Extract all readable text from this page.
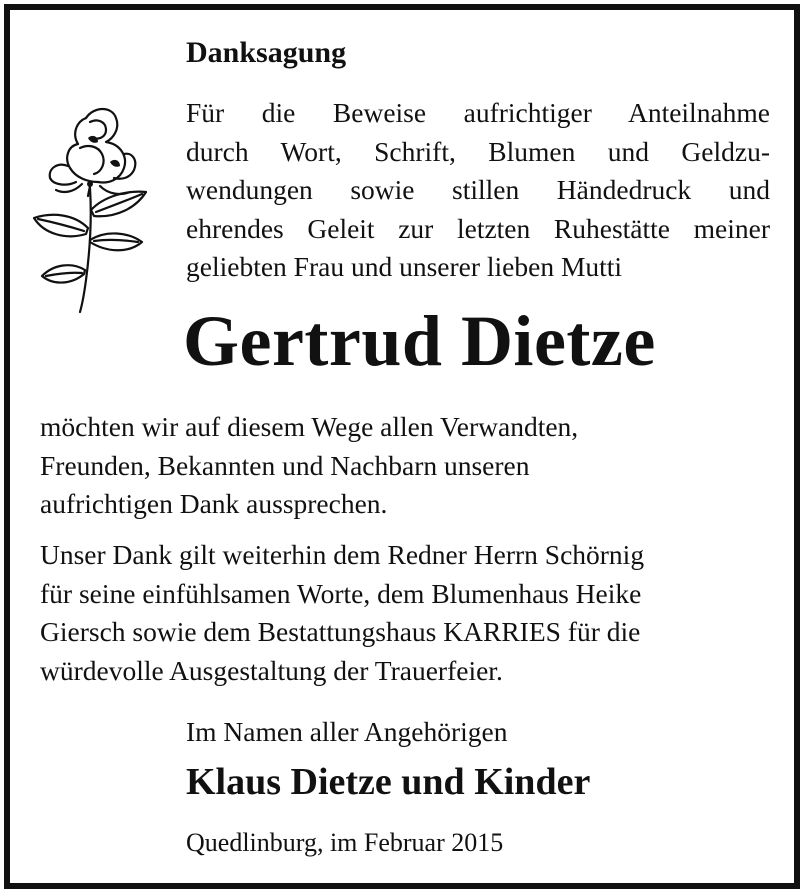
Danksagung
Für die Beweise aufrichtiger Anteilnahme
durch Wort, Schrift, Blumen und Geldzu-
wendungen sowie stillen Händedruck und
ehrendes Geleit zur letzten Ruhestätte meiner
geliebten Frau und unserer lieben Mutti
Gertrud Dietze
möchten wir auf diesem Wege allen Verwandten,
Freunden, Bekannten und Nachbarn unseren
aufrichtigen Dank aussprechen.
Unser Dank gilt weiterhin dem Redner Herrn Schörnig
für seine einfühlsamen Worte, dem Blumenhaus Heike
Giersch sowie dem Bestattungshaus KARRIES für die
würdevolle Ausgestaltung der Trauerfeier.
Im Namen aller Angehörigen
Klaus Dietze und Kinder
Quedlinburg, im Februar 2015
